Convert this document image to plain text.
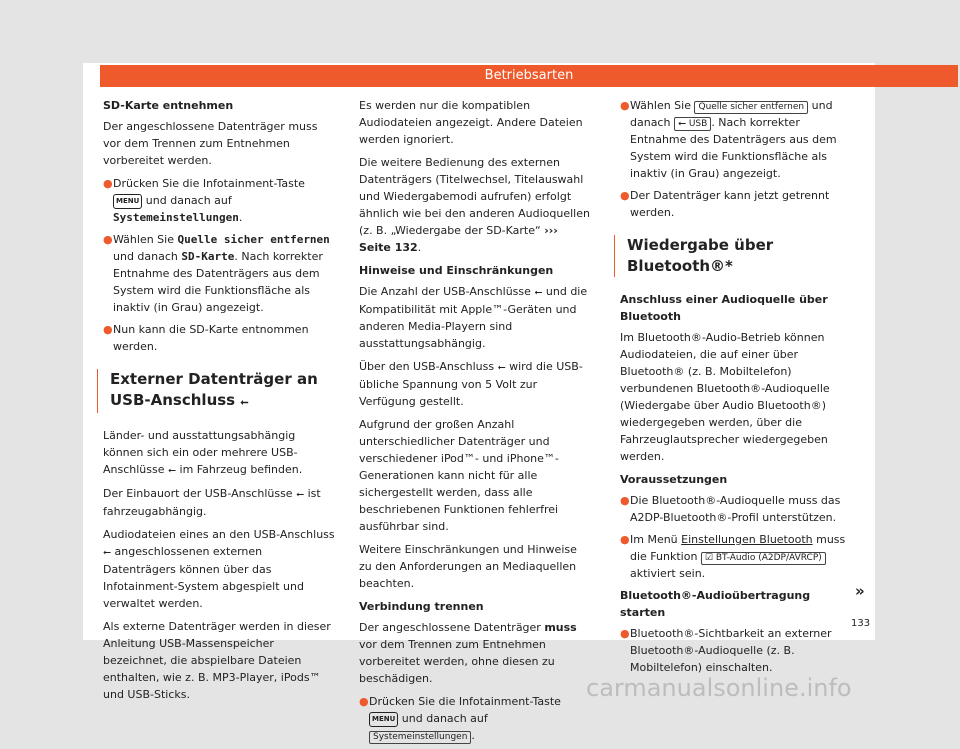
Betriebsarten
SD-Karte entnehmen

Der angeschlossene Datenträger muss vor dem Trennen zum Entnehmen vorbereitet werden.

● Drücken Sie die Infotainment-Taste MENU und danach auf Systemeinstellungen.
● Wählen Sie Quelle sicher entfernen und danach SD-Karte. Nach korrekter Entnahme des Datenträgers aus dem System wird die Funktionsfläche als inaktiv (in Grau) angezeigt.
● Nun kann die SD-Karte entnommen werden.
Externer Datenträger an USB-Anschluss ⭠

Länder- und ausstattungsabhängig können sich ein oder mehrere USB-Anschlüsse ⭠ im Fahrzeug befinden.

Der Einbauort der USB-Anschlüsse ⭠ ist fahrzeugabhängig.

Audiodateien eines an den USB-Anschluss ⭠ angeschlossenen externen Datenträgers können über das Infotainment-System abgespielt und verwaltet werden.

Als externe Datenträger werden in dieser Anleitung USB-Massenspeicher bezeichnet, die abspielbare Dateien enthalten, wie z. B. MP3-Player, iPods™ und USB-Sticks.

Es werden nur die kompatiblen Audiodateien angezeigt. Andere Dateien werden ignoriert.

Die weitere Bedienung des externen Datenträgers (Titelwechsel, Titelauswahl und Wiedergabemodi aufrufen) erfolgt ähnlich wie bei den anderen Audioquellen (z. B. „Wiedergabe der SD-Karte“ ››› Seite 132.

Hinweise und Einschränkungen

Die Anzahl der USB-Anschlüsse ⭠ und die Kompatibilität mit Apple™-Geräten und anderen Media-Playern sind ausstattungsabhängig.

Über den USB-Anschluss ⭠ wird die USB-übliche Spannung von 5 Volt zur Verfügung gestellt.

Aufgrund der großen Anzahl unterschiedlicher Datenträger und verschiedener iPod™- und iPhone™-Generationen kann nicht für alle sichergestellt werden, dass alle beschriebenen Funktionen fehlerfrei ausführbar sind.

Weitere Einschränkungen und Hinweise zu den Anforderungen an Mediaquellen beachten.

Verbindung trennen

Der angeschlossene Datenträger muss vor dem Trennen zum Entnehmen vorbereitet werden, ohne diesen zu beschädigen.

● Drücken Sie die Infotainment-Taste MENU und danach auf Systemeinstellungen .
● Wählen Sie Quelle sicher entfernen und danach ⭠ USB . Nach korrekter Entnahme des Datenträgers aus dem System wird die Funktionsfläche als inaktiv (in Grau) angezeigt.
● Der Datenträger kann jetzt getrennt werden.
Wiedergabe über Bluetooth®*
Anschluss einer Audioquelle über Bluetooth

Im Bluetooth®-Audio-Betrieb können Audiodateien, die auf einer über Bluetooth® (z. B. Mobiltelefon) verbundenen Bluetooth®-Audioquelle (Wiedergabe über Audio Bluetooth®) wiedergegeben werden, über die Fahrzeuglautsprecher wiedergegeben werden.

Voraussetzungen
● Die Bluetooth®-Audioquelle muss das A2DP-Bluetooth®-Profil unterstützen.
● Im Menü Einstellungen Bluetooth muss die Funktion ☑ BT-Audio (A2DP/AVRCP) aktiviert sein.
Bluetooth®-Audioübertragung starten
● Bluetooth®-Sichtbarkeit an externer Bluetooth®-Audioquelle (z. B. Mobiltelefon) einschalten.
»
133
carmanualsonline.info
